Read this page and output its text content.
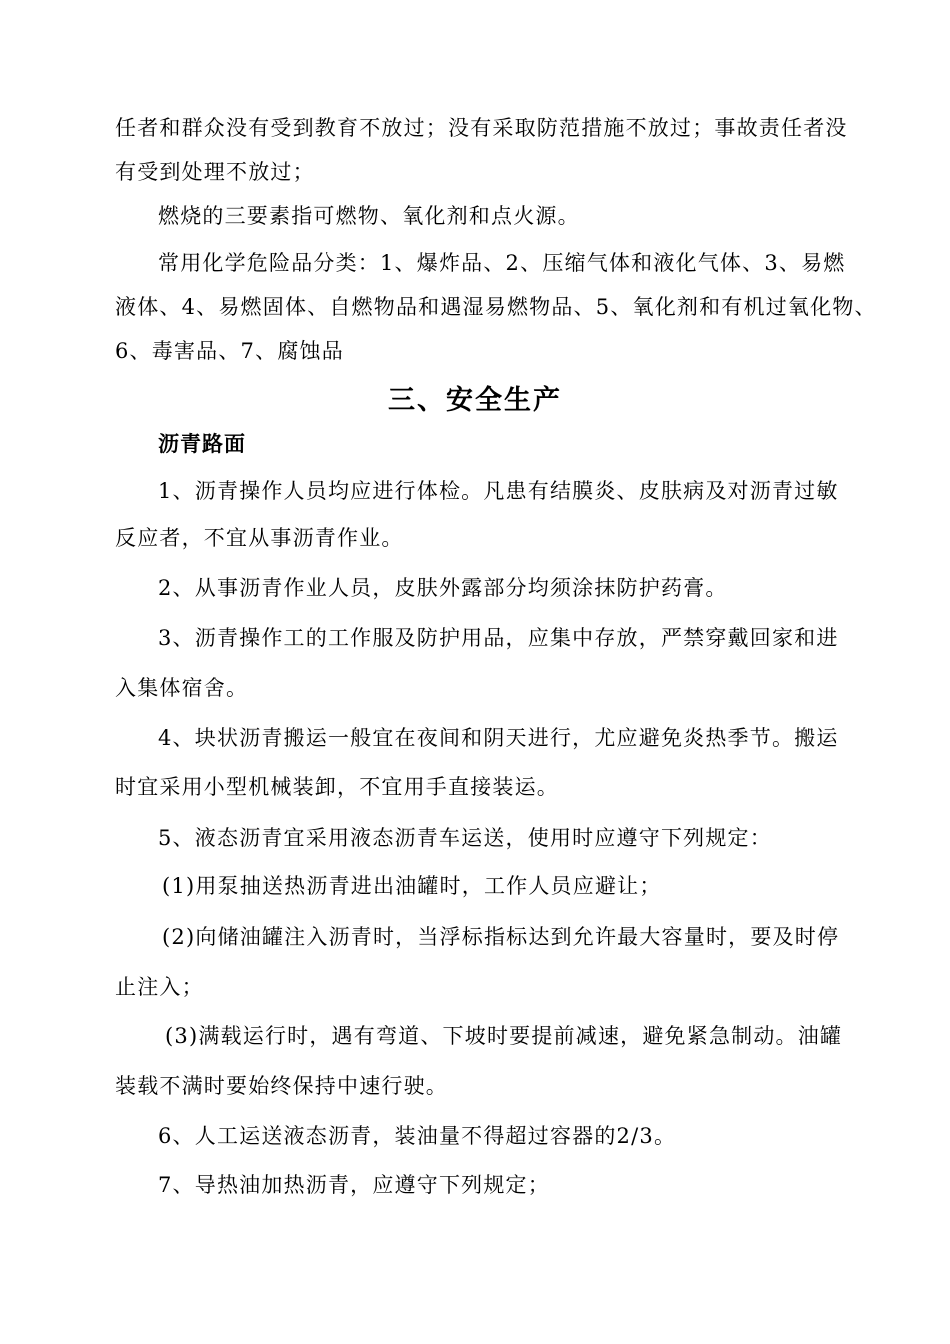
任者和群众没有受到教育不放过；没有采取防范措施不放过；事故责任者没
有受到处理不放过；
燃烧的三要素指可燃物、氧化剂和点火源。
常用化学危险品分类：1、爆炸品、2、压缩气体和液化气体、3、易燃
液体、4、易燃固体、自燃物品和遇湿易燃物品、5、氧化剂和有机过氧化物、
6、毒害品、7、腐蚀品
三、安全生产
沥青路面
1、沥青操作人员均应进行体检。凡患有结膜炎、皮肤病及对沥青过敏
反应者，不宜从事沥青作业。
2、从事沥青作业人员，皮肤外露部分均须涂抹防护药膏。
3、沥青操作工的工作服及防护用品，应集中存放，严禁穿戴回家和进
入集体宿舍。
4、块状沥青搬运一般宜在夜间和阴天进行，尤应避免炎热季节。搬运
时宜采用小型机械装卸，不宜用手直接装运。
5、液态沥青宜采用液态沥青车运送，使用时应遵守下列规定：
(1)用泵抽送热沥青进出油罐时，工作人员应避让；
(2)向储油罐注入沥青时，当浮标指标达到允许最大容量时，要及时停
止注入；
(3)满载运行时，遇有弯道、下坡时要提前减速，避免紧急制动。油罐
装载不满时要始终保持中速行驶。
6、人工运送液态沥青，装油量不得超过容器的2/3。
7、导热油加热沥青，应遵守下列规定；
